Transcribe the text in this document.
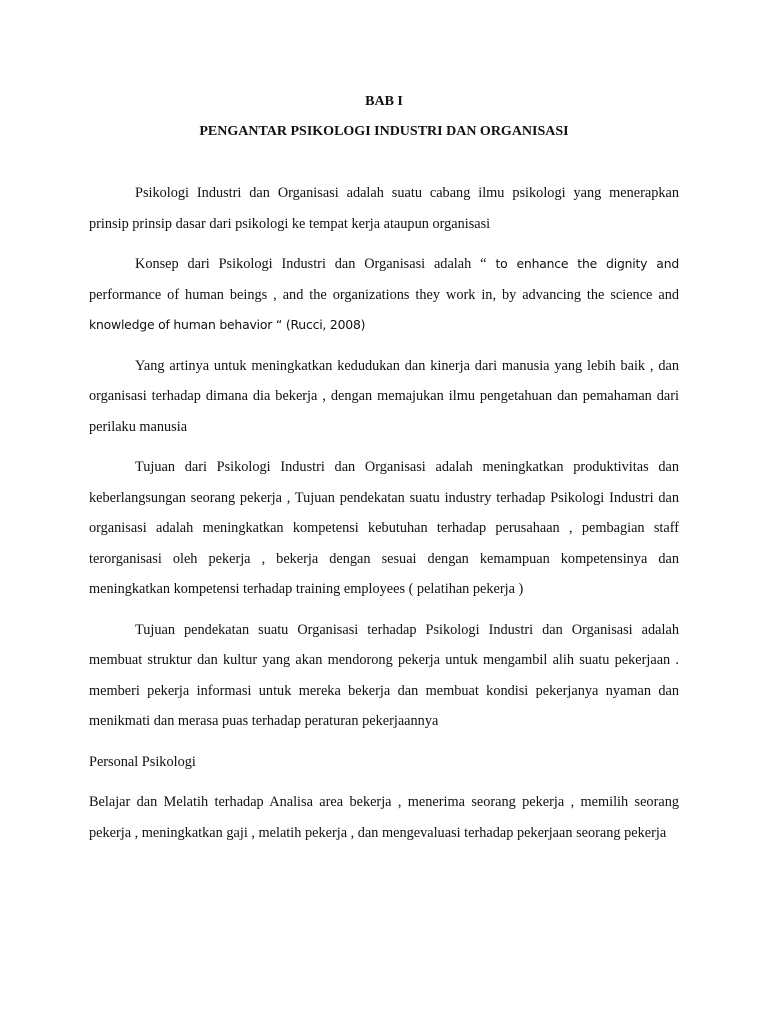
BAB I

PENGANTAR PSIKOLOGI INDUSTRI DAN ORGANISASI

Psikologi Industri dan Organisasi adalah suatu cabang ilmu psikologi yang menerapkan prinsip prinsip dasar dari psikologi ke tempat kerja ataupun organisasi

Konsep dari Psikologi Industri dan Organisasi adalah “ to enhance the dignity and performance of human beings , and the organizations they work in, by advancing the science and knowledge of human behavior “ (Rucci, 2008)

Yang artinya untuk meningkatkan kedudukan dan kinerja dari manusia yang lebih baik , dan organisasi terhadap dimana dia bekerja , dengan memajukan ilmu pengetahuan dan pemahaman dari perilaku manusia

Tujuan dari Psikologi Industri dan Organisasi adalah meningkatkan produktivitas dan keberlangsungan seorang pekerja , Tujuan pendekatan suatu industry terhadap Psikologi Industri dan organisasi adalah meningkatkan kompetensi kebutuhan terhadap perusahaan , pembagian staff terorganisasi oleh pekerja , bekerja dengan sesuai dengan kemampuan kompetensinya dan meningkatkan kompetensi terhadap training employees ( pelatihan pekerja )

Tujuan pendekatan suatu Organisasi terhadap Psikologi Industri dan Organisasi adalah membuat struktur dan kultur yang akan mendorong pekerja untuk mengambil alih suatu pekerjaan . memberi pekerja informasi untuk mereka bekerja dan membuat kondisi pekerjanya nyaman dan menikmati dan merasa puas terhadap peraturan pekerjaannya

Personal Psikologi

Belajar dan Melatih terhadap Analisa area bekerja , menerima seorang pekerja , memilih seorang pekerja , meningkatkan gaji , melatih pekerja , dan mengevaluasi terhadap pekerjaan seorang pekerja
